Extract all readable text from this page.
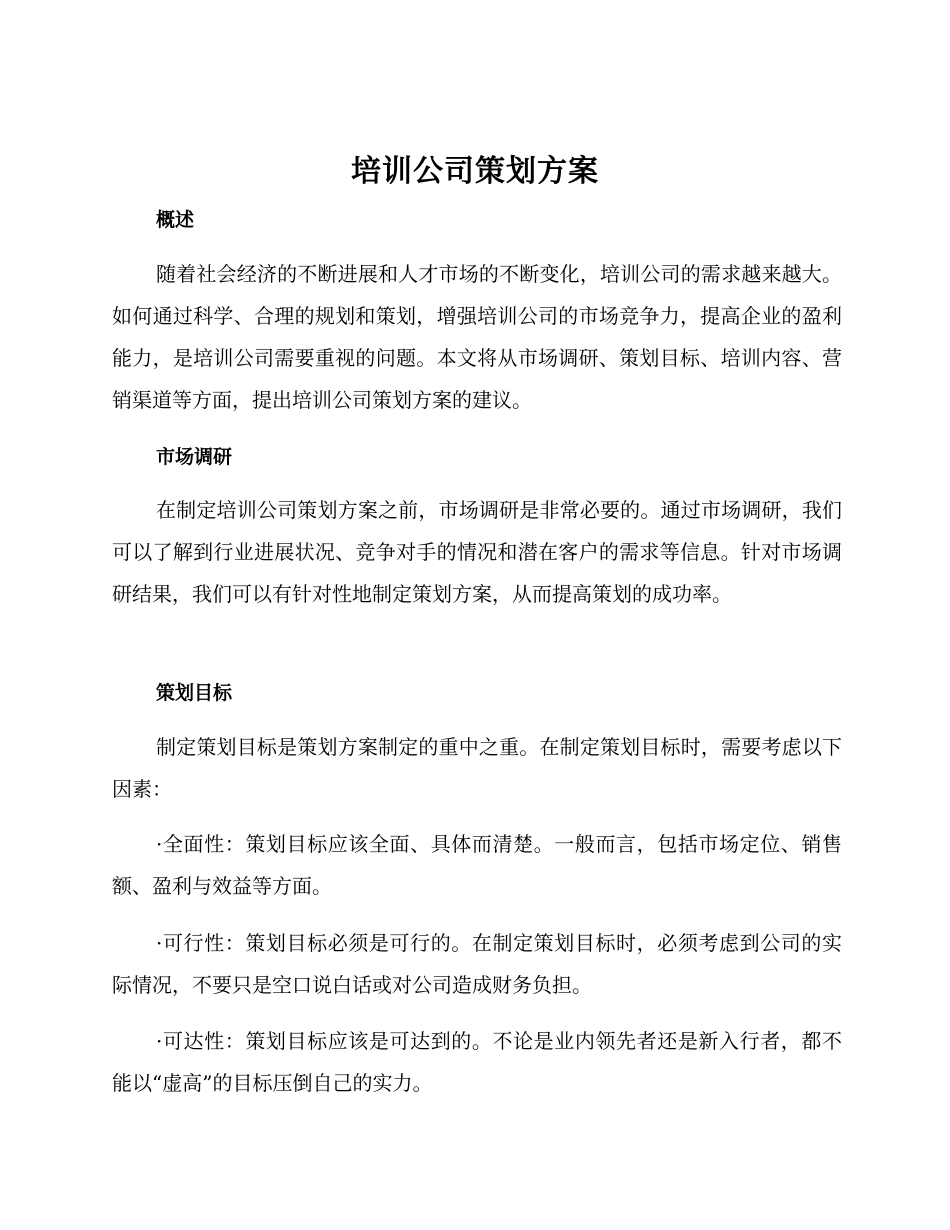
培训公司策划方案
概述
随着社会经济的不断进展和人才市场的不断变化，培训公司的需求越来越大。如何通过科学、合理的规划和策划，增强培训公司的市场竞争力，提高企业的盈利能力，是培训公司需要重视的问题。本文将从市场调研、策划目标、培训内容、营销渠道等方面，提出培训公司策划方案的建议。
市场调研
在制定培训公司策划方案之前，市场调研是非常必要的。通过市场调研，我们可以了解到行业进展状况、竞争对手的情况和潜在客户的需求等信息。针对市场调研结果，我们可以有针对性地制定策划方案，从而提高策划的成功率。
策划目标
制定策划目标是策划方案制定的重中之重。在制定策划目标时，需要考虑以下因素：
·全面性：策划目标应该全面、具体而清楚。一般而言，包括市场定位、销售额、盈利与效益等方面。
·可行性：策划目标必须是可行的。在制定策划目标时，必须考虑到公司的实际情况，不要只是空口说白话或对公司造成财务负担。
·可达性：策划目标应该是可达到的。不论是业内领先者还是新入行者，都不能以“虚高”的目标压倒自己的实力。
